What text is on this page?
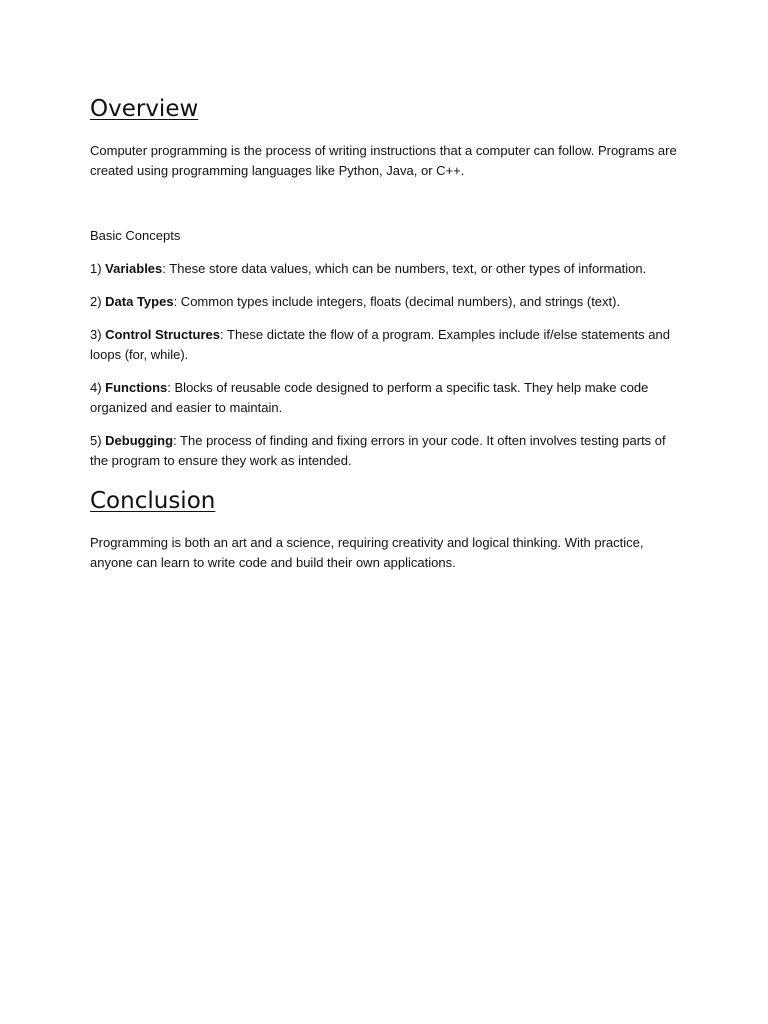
Overview

Computer programming is the process of writing instructions that a computer can follow. Programs are created using programming languages like Python, Java, or C++.

Basic Concepts

1) Variables: These store data values, which can be numbers, text, or other types of information.

2) Data Types: Common types include integers, floats (decimal numbers), and strings (text).

3) Control Structures: These dictate the flow of a program. Examples include if/else statements and loops (for, while).

4) Functions: Blocks of reusable code designed to perform a specific task. They help make code organized and easier to maintain.

5) Debugging: The process of finding and fixing errors in your code. It often involves testing parts of the program to ensure they work as intended.

Conclusion

Programming is both an art and a science, requiring creativity and logical thinking. With practice, anyone can learn to write code and build their own applications.
